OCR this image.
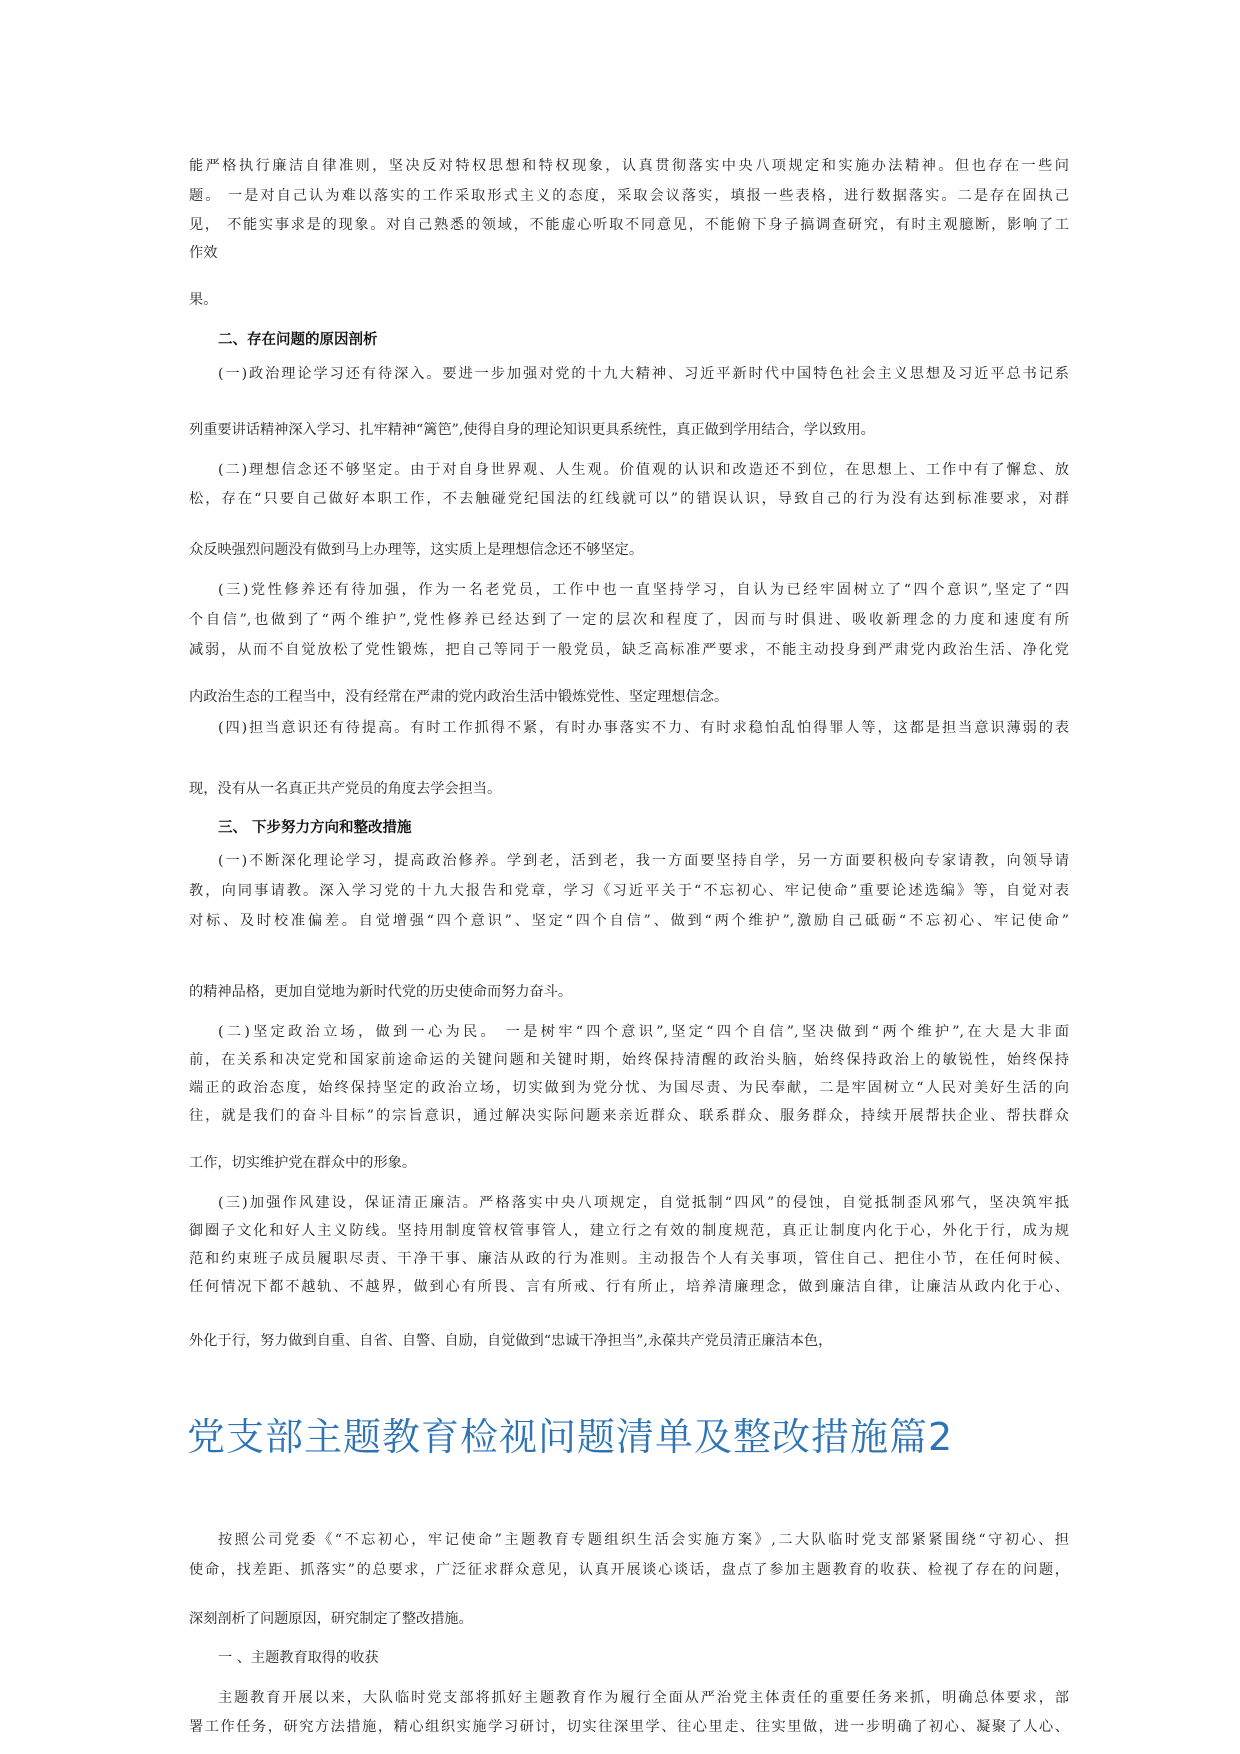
能严格执行廉洁自律准则，坚决反对特权思想和特权现象，认真贯彻落实中央八项规定和实施办法精神。但也存在一些问
题。 一是对自己认为难以落实的工作采取形式主义的态度，采取会议落实，填报一些表格，进行数据落实。二是存在固执己
见， 不能实事求是的现象。对自己熟悉的领域，不能虚心听取不同意见，不能俯下身子搞调查研究，有时主观臆断，影响了工
作效
果。
二、存在问题的原因剖析
(一)政治理论学习还有待深入。要进一步加强对党的十九大精神、习近平新时代中国特色社会主义思想及习近平总书记系
列重要讲话精神深入学习、扎牢精神“篱笆”,使得自身的理论知识更具系统性，真正做到学用结合，学以致用。
(二)理想信念还不够坚定。由于对自身世界观、人生观。价值观的认识和改造还不到位，在思想上、工作中有了懈怠、放
松，存在“只要自己做好本职工作，不去触碰党纪国法的红线就可以”的错误认识，导致自己的行为没有达到标准要求，对群
众反映强烈问题没有做到马上办理等，这实质上是理想信念还不够坚定。
(三)党性修养还有待加强，作为一名老党员，工作中也一直坚持学习，自认为已经牢固树立了“四个意识”,坚定了“四
个自信”,也做到了“两个维护”,党性修养已经达到了一定的层次和程度了，因而与时俱进、吸收新理念的力度和速度有所
减弱，从而不自觉放松了党性锻炼，把自己等同于一般党员，缺乏高标准严要求，不能主动投身到严肃党内政治生活、净化党
内政治生态的工程当中，没有经常在严肃的党内政治生活中锻炼党性、坚定理想信念。
(四)担当意识还有待提高。有时工作抓得不紧，有时办事落实不力、有时求稳怕乱怕得罪人等，这都是担当意识薄弱的表
现，没有从一名真正共产党员的角度去学会担当。
三、 下步努力方向和整改措施
(一)不断深化理论学习，提高政治修养。学到老，活到老，我一方面要坚持自学，另一方面要积极向专家请教，向领导请
教，向同事请教。深入学习党的十九大报告和党章，学习《习近平关于“不忘初心、牢记使命”重要论述选编》等，自觉对表
对标、及时校准偏差。自觉增强“四个意识”、坚定“四个自信”、做到“两个维护”,激励自己砥砺“不忘初心、牢记使命”
的精神品格，更加自觉地为新时代党的历史使命而努力奋斗。
(二)坚定政治立场，做到一心为民。 一是树牢“四个意识”,坚定“四个自信”,坚决做到“两个维护”,在大是大非面
前，在关系和决定党和国家前途命运的关键问题和关键时期，始终保持清醒的政治头脑，始终保持政治上的敏锐性，始终保持
端正的政治态度，始终保持坚定的政治立场，切实做到为党分忧、为国尽责、为民奉献，二是牢固树立“人民对美好生活的向
往，就是我们的奋斗目标”的宗旨意识，通过解决实际问题来亲近群众、联系群众、服务群众，持续开展帮扶企业、帮扶群众
工作，切实维护党在群众中的形象。
(三)加强作风建设，保证清正廉洁。严格落实中央八项规定，自觉抵制“四风”的侵蚀，自觉抵制歪风邪气，坚决筑牢抵
御圈子文化和好人主义防线。坚持用制度管权管事管人，建立行之有效的制度规范，真正让制度内化于心，外化于行，成为规
范和约束班子成员履职尽责、干净干事、廉洁从政的行为准则。主动报告个人有关事项，管住自己、把住小节，在任何时候、
任何情况下都不越轨、不越界，做到心有所畏、言有所戒、行有所止，培养清廉理念，做到廉洁自律，让廉洁从政内化于心、
外化于行，努力做到自重、自省、自警、自励，自觉做到“忠诚干净担当”,永葆共产党员清正廉洁本色，
党支部主题教育检视问题清单及整改措施篇2
按照公司党委《“不忘初心，牢记使命”主题教育专题组织生活会实施方案》,二大队临时党支部紧紧围绕“守初心、担
使命，找差距、抓落实”的总要求，广泛征求群众意见，认真开展谈心谈话，盘点了参加主题教育的收获、检视了存在的问题，
深刻剖析了问题原因，研究制定了整改措施。
一 、主题教育取得的收获
主题教育开展以来，大队临时党支部将抓好主题教育作为履行全面从严治党主体责任的重要任务来抓，明确总体要求，部
署工作任务，研究方法措施，精心组织实施学习研讨，切实往深里学、往心里走、往实里做，进一步明确了初心、凝聚了人心、
